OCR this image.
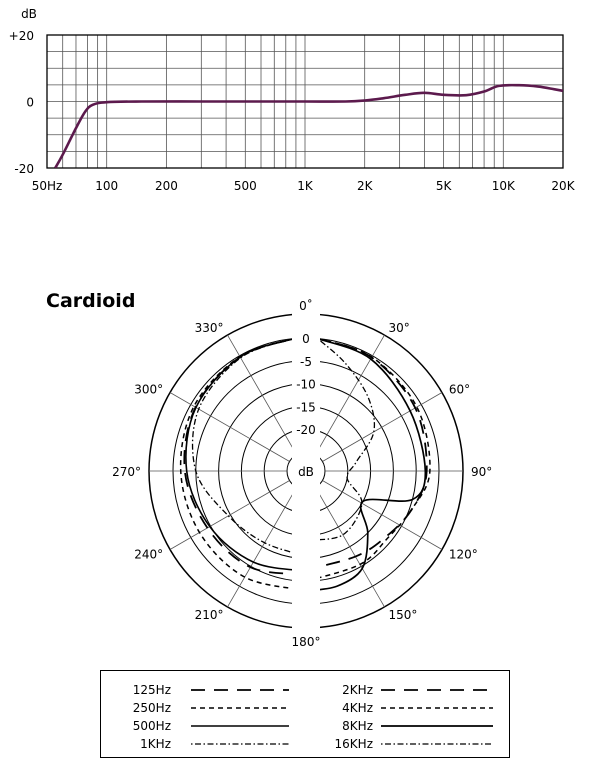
50Hz	100	200	500	1K	2K	5K	10K	20K
+20
0
-20
dB
Cardioid
0
-5
-10
-15
-20
dB
0˚
30°
60°
90°
120°
150°
180°
210°
240°
270°
300°
330°
125Hz	2KHz
250Hz	4KHz
500Hz	8KHz
1KHz	16KHz
